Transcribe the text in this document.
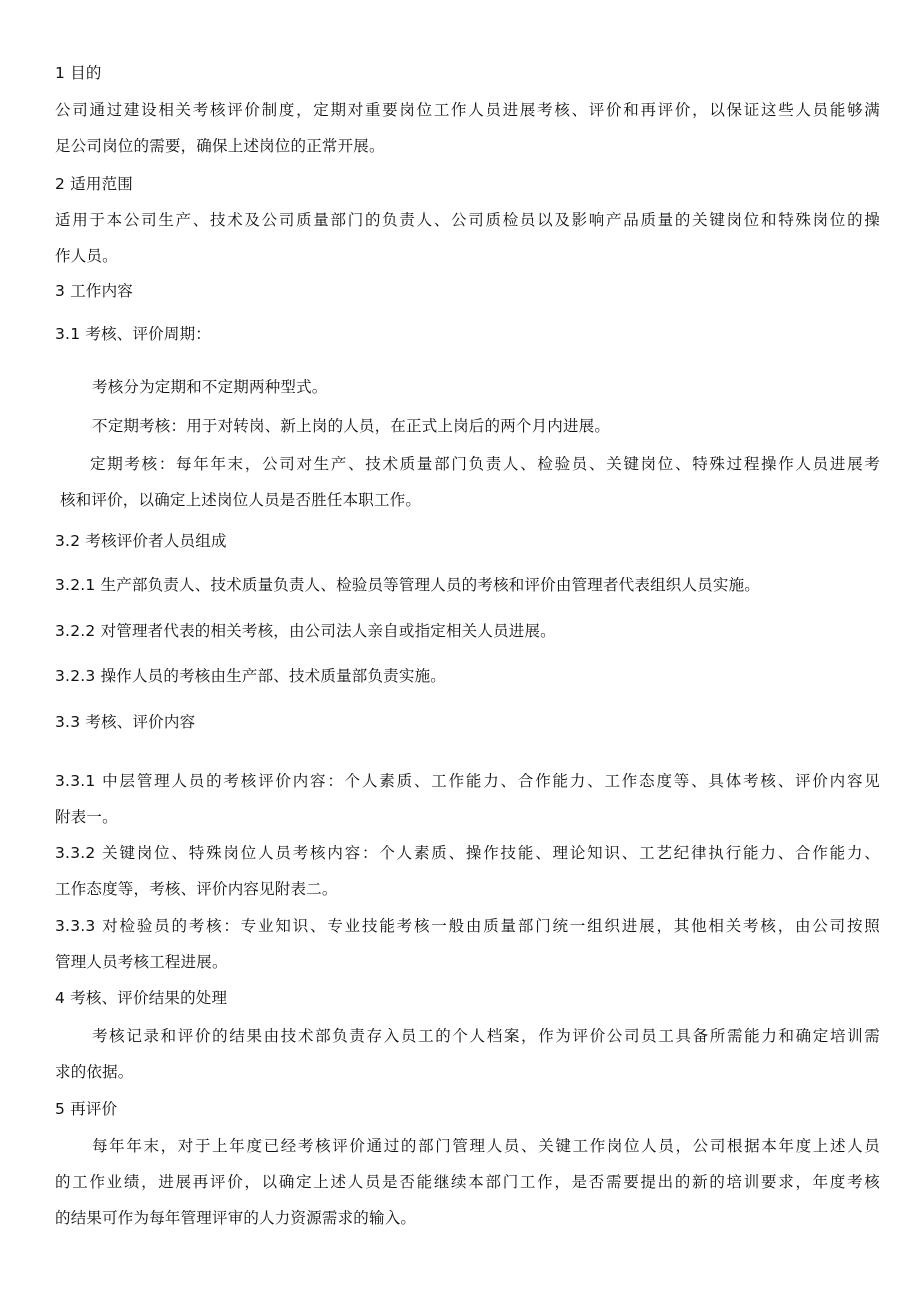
1 目的
公司通过建设相关考核评价制度，定期对重要岗位工作人员进展考核、评价和再评价，以保证这些人员能够满
足公司岗位的需要，确保上述岗位的正常开展。
2 适用范围
适用于本公司生产、技术及公司质量部门的负责人、公司质检员以及影响产品质量的关键岗位和特殊岗位的操
作人员。
3 工作内容
3.1 考核、评价周期：
考核分为定期和不定期两种型式。
不定期考核：用于对转岗、新上岗的人员，在正式上岗后的两个月内进展。
定期考核：每年年末，公司对生产、技术质量部门负责人、检验员、关键岗位、特殊过程操作人员进展考
核和评价，以确定上述岗位人员是否胜任本职工作。
3.2 考核评价者人员组成
3.2.1 生产部负责人、技术质量负责人、检验员等管理人员的考核和评价由管理者代表组织人员实施。
3.2.2 对管理者代表的相关考核，由公司法人亲自或指定相关人员进展。
3.2.3 操作人员的考核由生产部、技术质量部负责实施。
3.3 考核、评价内容
3.3.1 中层管理人员的考核评价内容：个人素质、工作能力、合作能力、工作态度等、具体考核、评价内容见
附表一。
3.3.2 关键岗位、特殊岗位人员考核内容：个人素质、操作技能、理论知识、工艺纪律执行能力、合作能力、
工作态度等，考核、评价内容见附表二。
3.3.3 对检验员的考核：专业知识、专业技能考核一般由质量部门统一组织进展，其他相关考核，由公司按照
管理人员考核工程进展。
4 考核、评价结果的处理
考核记录和评价的结果由技术部负责存入员工的个人档案，作为评价公司员工具备所需能力和确定培训需
求的依据。
5 再评价
每年年末，对于上年度已经考核评价通过的部门管理人员、关键工作岗位人员，公司根据本年度上述人员
的工作业绩，进展再评价，以确定上述人员是否能继续本部门工作，是否需要提出的新的培训要求，年度考核
的结果可作为每年管理评审的人力资源需求的输入。
